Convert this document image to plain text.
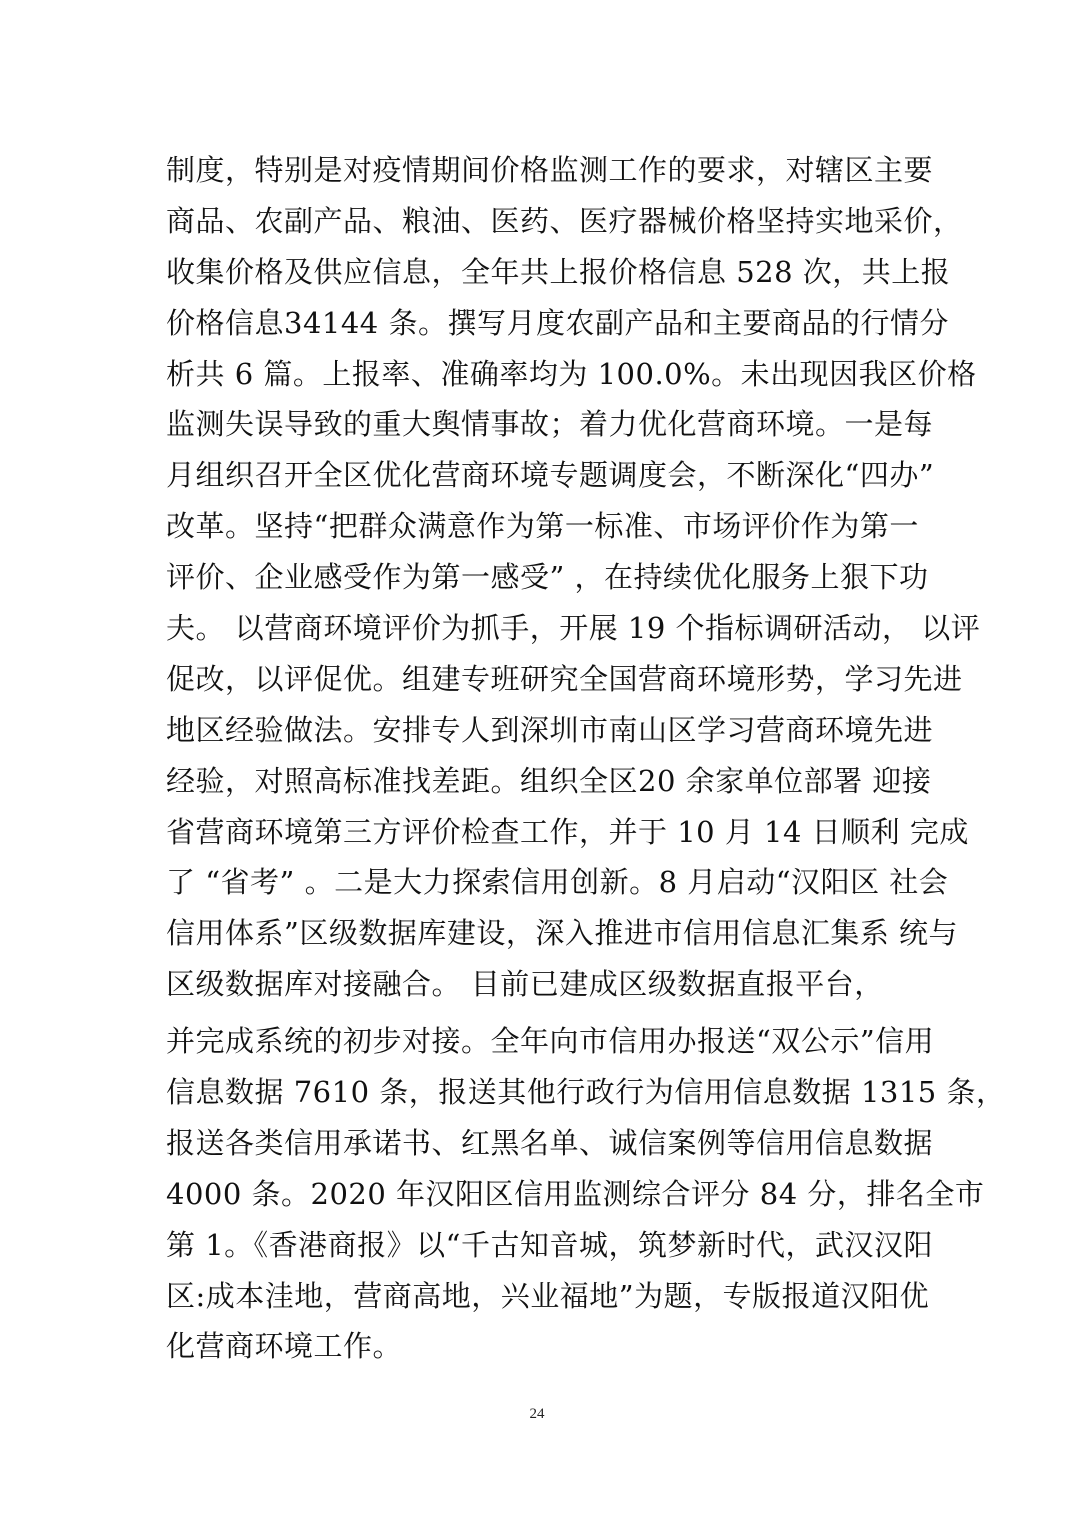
制度，特别是对疫情期间价格监测工作的要求，对辖区主要
商品、农副产品、粮油、医药、医疗器械价格坚持实地采价，
收集价格及供应信息，全年共上报价格信息 528 次，共上报
价格信息34144 条。撰写月度农副产品和主要商品的行情分
析共 6 篇。上报率、准确率均为 100.0%。未出现因我区价格
监测失误导致的重大舆情事故；着力优化营商环境。一是每
月组织召开全区优化营商环境专题调度会，不断深化“四办”
改革。坚持“把群众满意作为第一标准、市场评价作为第一
评价、企业感受作为第一感受” ，在持续优化服务上狠下功
夫。 以营商环境评价为抓手，开展 19 个指标调研活动， 以评
促改，以评促优。组建专班研究全国营商环境形势，学习先进
地区经验做法。安排专人到深圳市南山区学习营商环境先进
经验，对照高标准找差距。组织全区20 余家单位部署 迎接
省营商环境第三方评价检查工作，并于 10 月 14 日顺利 完成
了 “省考” 。二是大力探索信用创新。8 月启动“汉阳区 社会
信用体系”区级数据库建设，深入推进市信用信息汇集系 统与
区级数据库对接融合。 目前已建成区级数据直报平台，
并完成系统的初步对接。全年向市信用办报送“双公示”信用
信息数据 7610 条，报送其他行政行为信用信息数据 1315 条，
报送各类信用承诺书、红黑名单、诚信案例等信用信息数据
4000 条。2020 年汉阳区信用监测综合评分 84 分，排名全市
第 1。《香港商报》以“千古知音城，筑梦新时代，武汉汉阳
区:成本洼地，营商高地，兴业福地”为题，专版报道汉阳优
化营商环境工作。
24
